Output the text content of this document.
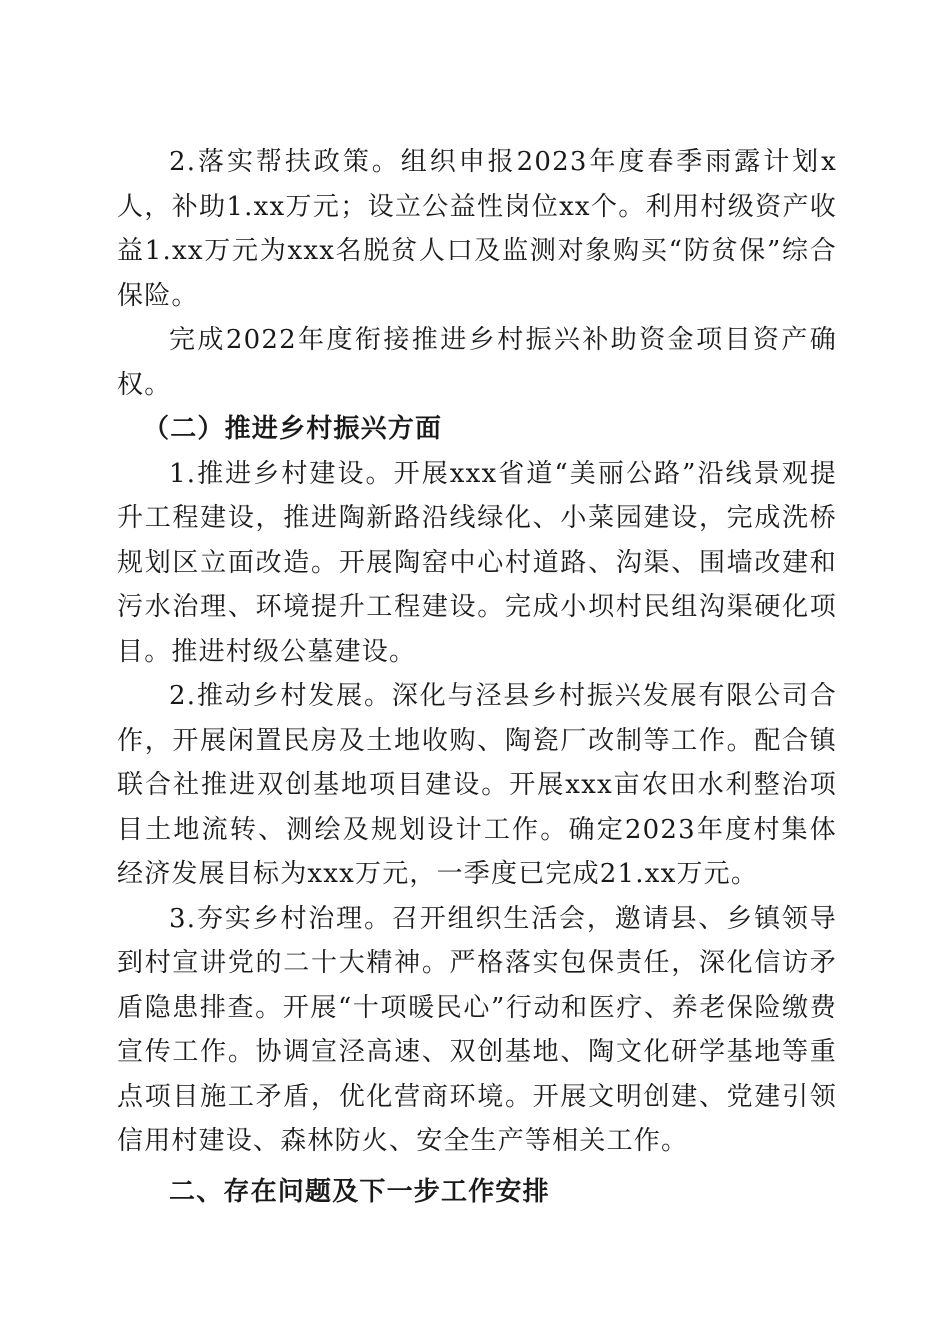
2.落实帮扶政策。组织申报2023年度春季雨露计划x人，补助1.xx万元；设立公益性岗位xx个。利用村级资产收益1.xx万元为xxx名脱贫人口及监测对象购买“防贫保”综合保险。

完成2022年度衔接推进乡村振兴补助资金项目资产确权。

（二）推进乡村振兴方面

1.推进乡村建设。开展xxx省道“美丽公路”沿线景观提升工程建设，推进陶新路沿线绿化、小菜园建设，完成洗桥规划区立面改造。开展陶窑中心村道路、沟渠、围墙改建和污水治理、环境提升工程建设。完成小坝村民组沟渠硬化项目。推进村级公墓建设。

2.推动乡村发展。深化与泾县乡村振兴发展有限公司合作，开展闲置民房及土地收购、陶瓷厂改制等工作。配合镇联合社推进双创基地项目建设。开展xxx亩农田水利整治项目土地流转、测绘及规划设计工作。确定2023年度村集体经济发展目标为xxx万元，一季度已完成21.xx万元。

3.夯实乡村治理。召开组织生活会，邀请县、乡镇领导到村宣讲党的二十大精神。严格落实包保责任，深化信访矛盾隐患排查。开展“十项暖民心”行动和医疗、养老保险缴费宣传工作。协调宣泾高速、双创基地、陶文化研学基地等重点项目施工矛盾，优化营商环境。开展文明创建、党建引领信用村建设、森林防火、安全生产等相关工作。

二、存在问题及下一步工作安排
